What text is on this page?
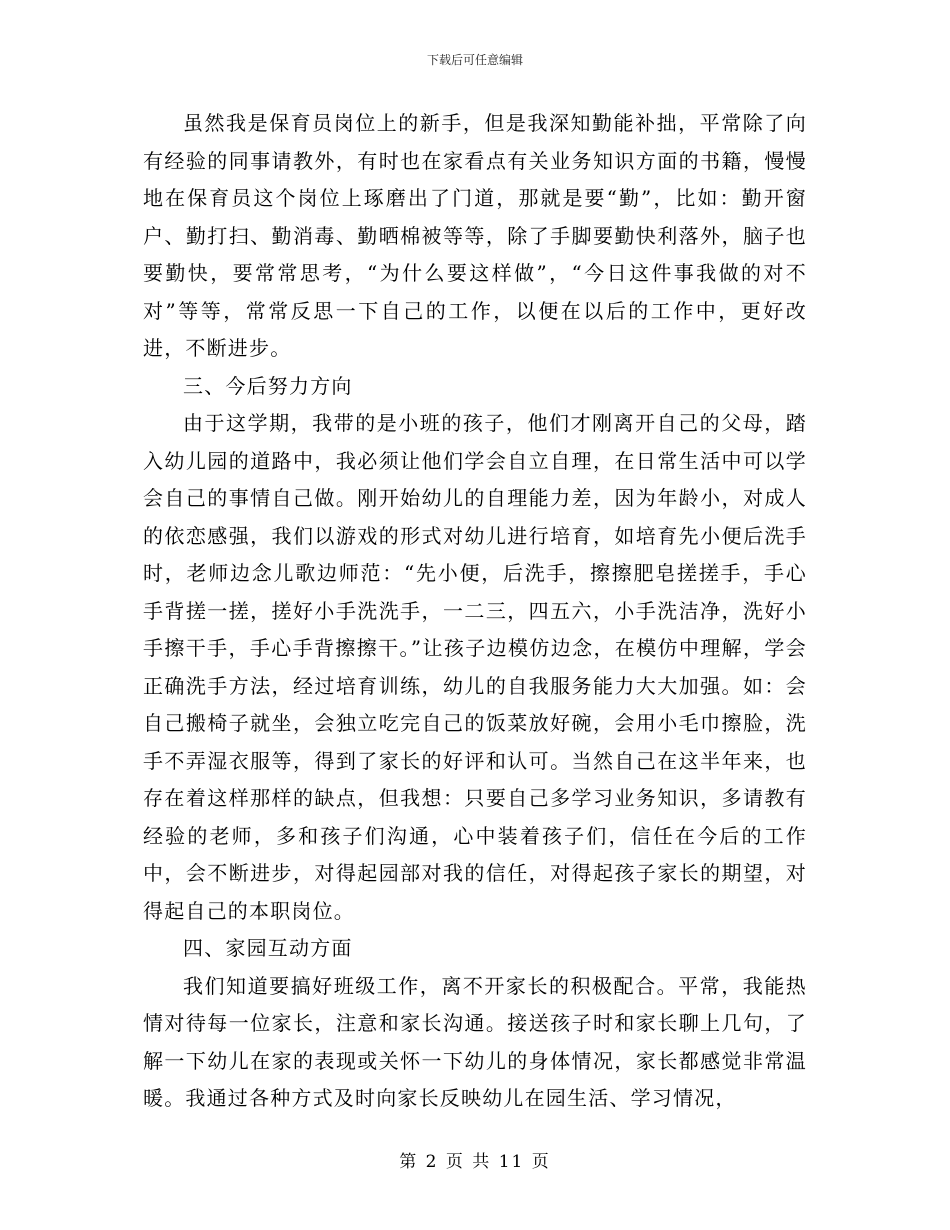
下载后可任意编辑

虽然我是保育员岗位上的新手，但是我深知勤能补拙，平常除了向有经验的同事请教外，有时也在家看点有关业务知识方面的书籍，慢慢地在保育员这个岗位上琢磨出了门道，那就是要“勤”，比如：勤开窗户、勤打扫、勤消毒、勤晒棉被等等，除了手脚要勤快利落外，脑子也要勤快，要常常思考，“为什么要这样做”，“今日这件事我做的对不对”等等，常常反思一下自己的工作，以便在以后的工作中，更好改进，不断进步。

三、今后努力方向

由于这学期，我带的是小班的孩子，他们才刚离开自己的父母，踏入幼儿园的道路中，我必须让他们学会自立自理，在日常生活中可以学会自己的事情自己做。刚开始幼儿的自理能力差，因为年龄小，对成人的依恋感强，我们以游戏的形式对幼儿进行培育，如培育先小便后洗手时，老师边念儿歌边师范：“先小便，后洗手，擦擦肥皂搓搓手，手心手背搓一搓，搓好小手洗洗手，一二三，四五六，小手洗洁净，洗好小手擦干手，手心手背擦擦干。”让孩子边模仿边念，在模仿中理解，学会正确洗手方法，经过培育训练，幼儿的自我服务能力大大加强。如：会自己搬椅子就坐，会独立吃完自己的饭菜放好碗，会用小毛巾擦脸，洗手不弄湿衣服等，得到了家长的好评和认可。当然自己在这半年来，也存在着这样那样的缺点，但我想：只要自己多学习业务知识，多请教有经验的老师，多和孩子们沟通，心中装着孩子们，信任在今后的工作中，会不断进步，对得起园部对我的信任，对得起孩子家长的期望，对得起自己的本职岗位。

四、家园互动方面

我们知道要搞好班级工作，离不开家长的积极配合。平常，我能热情对待每一位家长，注意和家长沟通。接送孩子时和家长聊上几句，了解一下幼儿在家的表现或关怀一下幼儿的身体情况，家长都感觉非常温暖。我通过各种方式及时向家长反映幼儿在园生活、学习情况，

第 2 页 共 11 页
